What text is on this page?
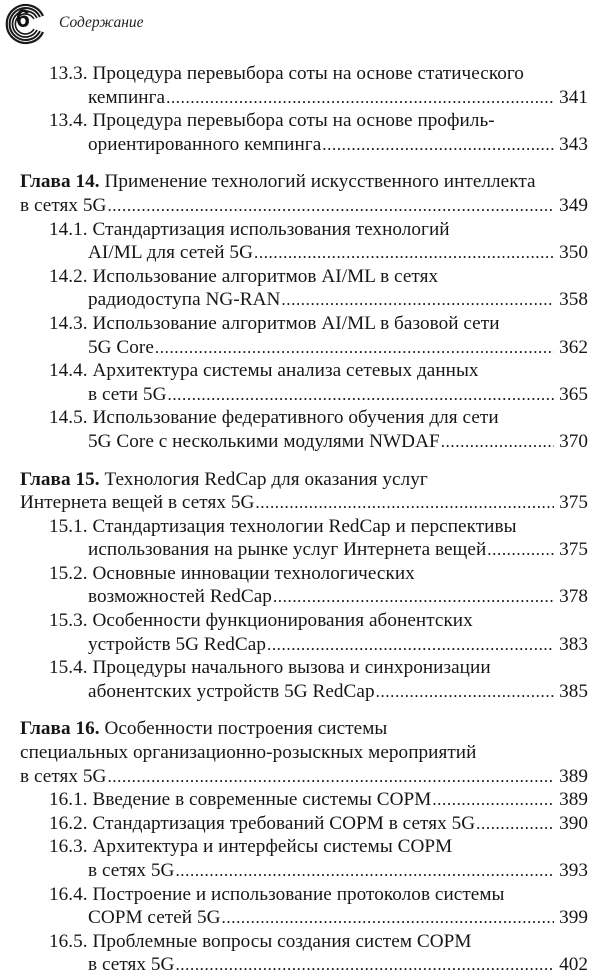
6 Содержание
13.3. Процедура перевыбора соты на основе статического
кемпинга .....	341
13.4. Процедура перевыбора соты на основе профиль-
ориентированного кемпинга .....	343
Глава 14. Применение технологий искусственного интеллекта
в сетях 5G .....	349
14.1. Стандартизация использования технологий
AI/ML для сетей 5G .....	350
14.2. Использование алгоритмов AI/ML в сетях
радиодоступа NG-RAN .....	358
14.3. Использование алгоритмов AI/ML в базовой сети
5G Core .....	362
14.4. Архитектура системы анализа сетевых данных
в сети 5G .....	365
14.5. Использование федеративного обучения для сети
5G Core с несколькими модулями NWDAF .....	370
Глава 15. Технология RedCap для оказания услуг
Интернета вещей в сетях 5G .....	375
15.1. Стандартизация технологии RedCap и перспективы
использования на рынке услуг Интернета вещей .....	375
15.2. Основные инновации технологических
возможностей RedCap .....	378
15.3. Особенности функционирования абонентских
устройств 5G RedCap .....	383
15.4. Процедуры начального вызова и синхронизации
абонентских устройств 5G RedCap .....	385
Глава 16. Особенности построения системы
специальных организационно-розыскных мероприятий
в сетях 5G .....	389
16.1. Введение в современные системы СОРМ .....	389
16.2. Стандартизация требований СОРМ в сетях 5G .....	390
16.3. Архитектура и интерфейсы системы СОРМ
в сетях 5G .....	393
16.4. Построение и использование протоколов системы
СОРМ сетей 5G .....	399
16.5. Проблемные вопросы создания систем СОРМ
в сетях 5G .....	402
